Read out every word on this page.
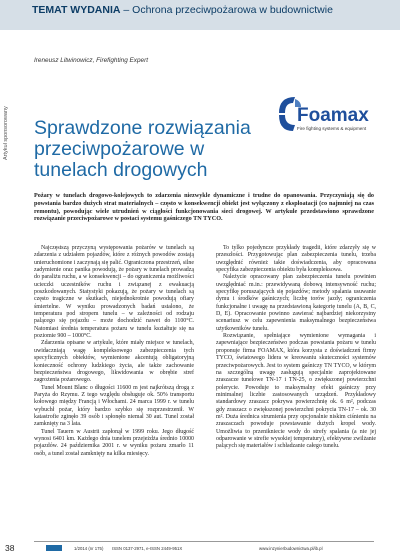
TEMAT WYDANIA – Ochrona przeciwpożarowa w budownictwie
Artykuł sponsorowany
Ireneusz Litwinowicz, Firefighting Expert
Sprawdzone rozwiązania przeciwpożarowe w tunelach drogowych
Foamax
Fire fighting systems & equipment

Pożary w tunelach drogowo-kolejowych to zdarzenia niezwykle dynamiczne i trudne do opanowania. Przyczyniają się do powstania bardzo dużych strat materialnych – często w konsekwencji obiekt jest wyłączony z eksploatacji (co najmniej na czas remontu), powodując wiele utrudnień w ciągłości funkcjonowania sieci drogowej. W artykule przedstawiono sprawdzone rozwiązanie przeciwpożarowe w postaci systemu gaśniczego TN TYCO.

Najczęstszą przyczyną występowania pożarów w tunelach są zdarzenia z udziałem pojazdów, które z różnych powodów zostają unieruchomione i zaczynają się palić. Ograniczona przestrzeń, silne zadymienie oraz panika powodują, że pożary w tunelach prowadzą do paraliżu ruchu, a w konsekwencji – do ograniczenia możliwości ucieczki uczestników ruchu i związanej z ewakuacją poszkodowanych. Statystyki pokazują, że pożary w tunelach są często tragiczne w skutkach, niejednokrotnie powodują ofiary śmiertelne. W wyniku prowadzonych badań ustalono, że temperatura pod stropem tunelu – w zależności od rodzaju palącego się pojazdu – może dochodzić nawet do 1100°C. Natomiast średnia temperatura pożaru w tunelu kształtuje się na poziomie 900 – 1000°C.

Zdarzenia opisane w artykule, które miały miejsce w tunelach, uwidaczniają wagę kompleksowego zabezpieczenia tych specyficznych obiektów, wymienione akcentują obligatoryjną konieczność ochrony ludzkiego życia, ale także zachowanie bezpieczeństwa drogowego, likwidowania w obrębie stref zagrożenia pożarowego.

Tunel Mount Blanc o długości 11600 m jest najkrótszą drogą z Paryża do Rzymu. Z tego względu obsługuje ok. 50% transportu kołowego między Francją i Włochami. 24 marca 1999 r. w tunelu wybuchł pożar, który bardzo szybko się rozprzestrzenił. W katastrofie zginęło 39 osób i spłonęło niemal 30 aut. Tunel został zamknięty na 3 lata.

Tunel Tauern w Austrii zapłonął w 1999 roku. Jego długość wynosi 6401 km. Każdego dnia tunelem przejeżdża średnio 10000 pojazdów. 24 października 2001 r. w wyniku pożaru zmarło 11 osób, a tunel został zamknięty na kilka miesięcy.

To tylko pojedyncze przykłady tragedii, które zdarzyły się w przeszłości. Przygotowując plan zabezpieczenia tunelu, trzeba uwzględnić również takie doświadczenia, aby opracowana specyfika zabezpieczenia obiektu była kompleksowa.

Należycie opracowany plan zabezpieczenia tunelu powinien uwzględniać m.in.: przewidywaną dobową intensywność ruchu; specyfikę poruszających się pojazdów; metody spalania usuwanie dymu i środków gaśniczych; liczbę torów jazdy; ograniczenia funkcjonalne i uwagę na przedstawioną kategorię tunelu (A, B, C, D, E). Opracowanie powinno zawierać najbardziej niekorzystny scenariusz w celu zapewnienia maksymalnego bezpieczeństwa użytkowników tunelu.

Rozwiązanie, spełniające wymienione wymagania i zapewniające bezpieczeństwo podczas powstania pożaru w tunelu proponuje firma FOAMAX, która korzysta z doświadczeń firmy TYCO, światowego lidera w kreowaniu skuteczności systemów przeciwpożarowych. Jest to system gaśniczy TN TYCO, w którym na szczególną uwagę zasługują specjalnie zaprojektowane zraszacze tunelowe TN-17 i TN-25, o zwiększonej powierzchni polerycie. Powoduje to maksymalny efekt gaśniczy przy minimalnej liczbie zastosowanych urządzeń. Przykładowy standardowy zraszacz pokrywa powierzchnię ok. 6 m², podczas gdy zraszacz o zwiększonej powierzchni pokrycia TN-17 – ok. 30 m². Duża średnica strumienia przy opcjonalnie niskim ciśnieniu na zraszaczach powoduje powstawanie dużych kropel wody. Umożliwia to przenikniecie wody do strefy spalania (a nie jej odparowanie w strefie wysokiej temperatury), efektywne zwilżanie palących się materiałów i schładzanie całego tunelu.

38	1/2014 (nr 175) ISSN 0137-2971, e-ISSN 2449-951X	www.inzynierbudownictwa.pl/ib.pl
